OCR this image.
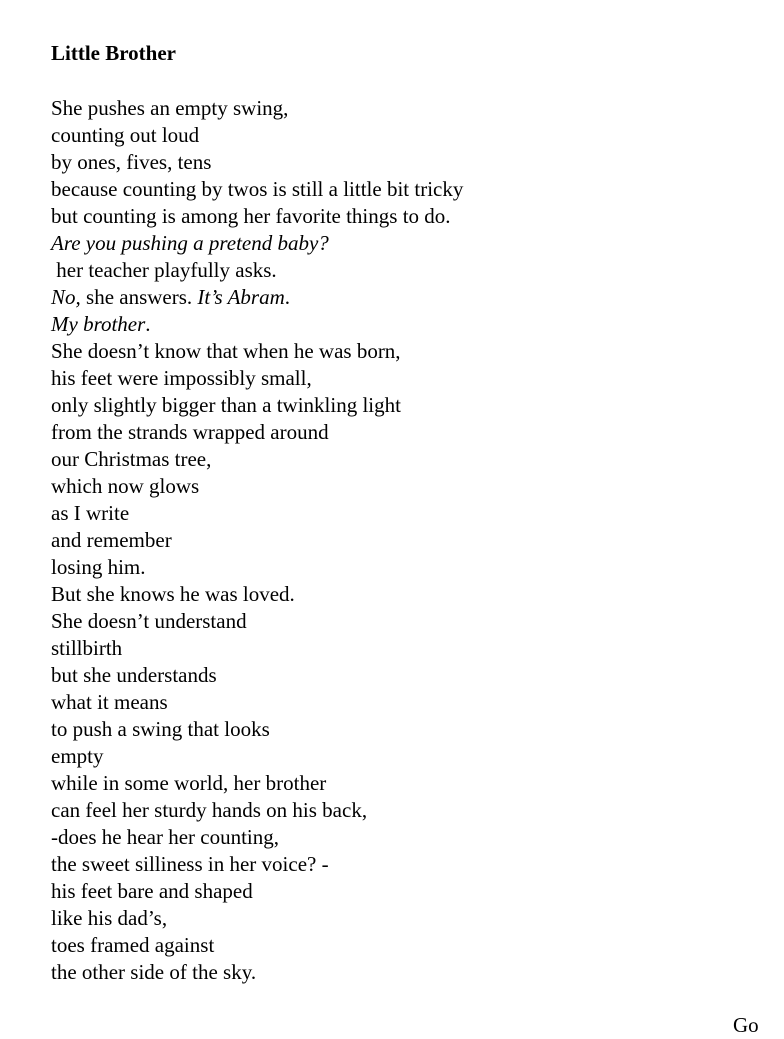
Little Brother
She pushes an empty swing,
counting out loud
by ones, fives, tens
because counting by twos is still a little bit tricky
but counting is among her favorite things to do.
Are you pushing a pretend baby?
her teacher playfully asks.
No, she answers. It’s Abram.
My brother.
She doesn’t know that when he was born,
his feet were impossibly small,
only slightly bigger than a twinkling light
from the strands wrapped around
our Christmas tree,
which now glows
as I write
and remember
losing him.
But she knows he was loved.
She doesn’t understand
stillbirth
but she understands
what it means
to push a swing that looks
empty
while in some world, her brother
can feel her sturdy hands on his back,
-does he hear her counting,
the sweet silliness in her voice? -
his feet bare and shaped
like his dad’s,
toes framed against
the other side of the sky.
Go
